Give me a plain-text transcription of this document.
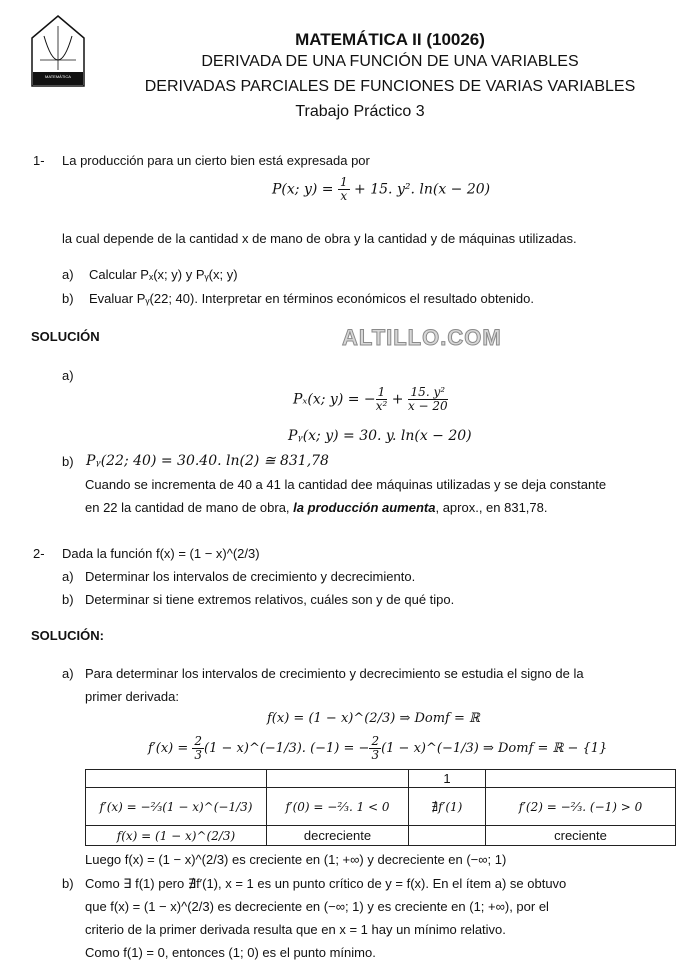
MATEMÁTICA
MATEMÁTICA II (10026)
DERIVADA DE UNA FUNCIÓN DE UNA VARIABLES
DERIVADAS PARCIALES DE FUNCIONES DE VARIAS VARIABLES
Trabajo Práctico 3
1- La producción para un cierto bien está expresada por
P(x; $y) = \frac{1}{x} + 15$. y². ln(x − 20)
la cual depende de la cantidad x de mano de obra y la cantidad y de máquinas utilizadas.
a) Calcular Pₓ(x; y) y Pᵧ(x; y)
b) Evaluar Pᵧ(22; 40). Interpretar en términos económicos el resultado obtenido.
SOLUCIÓN	ALTILLO.COM
a)
Pₓ(x; y) = − $\frac{1}{\text{x²}} + \frac{\text{15. y²}}{x - 20}$
Pᵧ(x; y) = 30. y. ln(x − 20)
b) Pᵧ(22; 40) = 30.40. ln(2) ≅ 831,78
Cuando se incrementa de 40 a 41 la cantidad dee máquinas utilizadas y se deja constante
en 22 la cantidad de mano de obra, la producción aumenta, aprox., en 831,78.
2- Dada la función f(x) = (1 − x)^(2/3)
a) Determinar los intervalos de crecimiento y decrecimiento.
b) Determinar si tiene extremos relativos, cuáles son y de qué tipo.
SOLUCIÓN:
a) Para determinar los intervalos de crecimiento y decrecimiento se estudia el signo de la
primer derivada:
f(x) = (1 − x)^(2/3) ⇒ Domf = ℝ
$f'(x) = \frac{2}{3} (1$ − x)^(−1/3). (−1) = − $\frac{2}{3} (1$ − x)^(−1/3) ⇒ Domf = ℝ − {1}
		1	
f′(x) = −⅔(1 − x)^(−1/3)	f′(0) = −⅔. 1 < 0	∄f′(1)	f′(2) = −⅔. (−1) > 0
f(x) = (1 − x)^(2/3)	decreciente		creciente
Luego f(x) = (1 − x)^(2/3) es creciente en (1; +∞) y decreciente en (−∞; 1)
b) Como ∃ f(1) pero ∄f′(1), x = 1 es un punto crítico de y = f(x). En el ítem a) se obtuvo
que f(x) = (1 − x)^(2/3) es decreciente en (−∞; 1) y es creciente en (1; +∞), por el
criterio de la primer derivada resulta que en x = 1 hay un mínimo relativo.
Como f(1) = 0, entonces (1; 0) es el punto mínimo.
